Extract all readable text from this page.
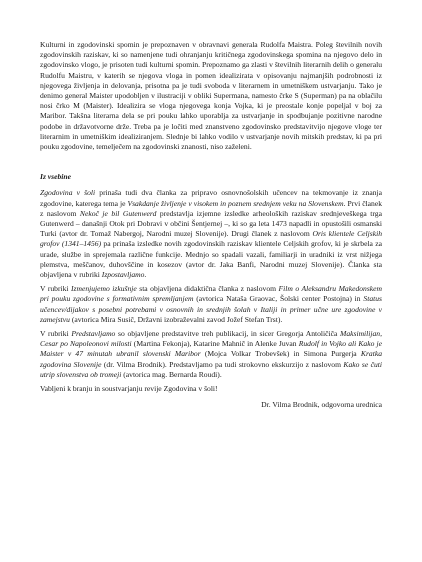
Kulturni in zgodovinski spomin je prepoznaven v obravnavi generala Rudolfa Maistra. Poleg številnih novih zgodovinskih raziskav, ki so namenjene tudi ohranjanju kritičnega zgodovinskega spomina na njegovo delo in zgodovinsko vlogo, je prisoten tudi kulturni spomin. Prepoznamo ga zlasti v številnih literarnih delih o generalu Rudolfu Maistru, v katerih se njegova vloga in pomen idealizirata v opisovanju najmanjših podrobnosti iz njegovega življenja in delovanja, prisotna pa je tudi svoboda v literarnem in umetniškem ustvarjanju. Tako je denimo general Maister upodobljen v ilustraciji v obliki Supermana, namesto črke S (Superman) pa na oblačilu nosi črko M (Maister). Idealizira se vloga njegovega konja Vojka, ki je preostale konje popeljal v boj za Maribor. Takšna literarna dela se pri pouku lahko uporablja za ustvarjanje in spodbujanje pozitivne narodne podobe in državotvorne drže. Treba pa je ločiti med znanstveno zgodovinsko predstavitvijo njegove vloge ter literarnim in umetniškim idealiziranjem. Slednje bi lahko vodilo v ustvarjanje novih mitskih predstav, ki pa pri pouku zgodovine, temelječem na zgodovinski znanosti, niso zaželeni.

Iz vsebine

Zgodovina v šoli prinaša tudi dva članka za pripravo osnovnošolskih učencev na tekmovanje iz znanja zgodovine, katerega tema je Vsakdanje življenje v visokem in poznem srednjem veku na Slovenskem. Prvi članek z naslovom Nekoč je bil Gutenwerd predstavlja izjemne izsledke arheoloških raziskav srednjeveškega trga Gutenwerd – današnji Otok pri Dobravi v občini Šentjernej –, ki so ga leta 1473 napadli in opustošili osmanski Turki (avtor dr. Tomaž Nabergoj, Narodni muzej Slovenije). Drugi članek z naslovom Oris klientele Celjskih grofov (1341–1456) pa prinaša izsledke novih zgodovinskih raziskav klientele Celjskih grofov, ki je skrbela za urade, službe in sprejemala različne funkcije. Mednjo so spadali vazali, familiarji in uradniki iz vrst nižjega plemstva, meščanov, duhovščine in kosezov (avtor dr. Jaka Banfi, Narodni muzej Slovenije). Članka sta objavljena v rubriki Izpostavljamo.

V rubriki Izmenjujemo izkušnje sta objavljena didaktična članka z naslovom Film o Aleksandru Makedonskem pri pouku zgodovine s formativnim spremljanjem (avtorica Nataša Graovac, Šolski center Postojna) in Status učencev/dijakov s posebni potrebami v osnovnih in srednjih šolah v Italiji in primer učne ure zgodovine v zamejstvu (avtorica Mira Susič, Državni izobraževalni zavod Jožef Stefan Trst).

V rubriki Predstavljamo so objavljene predstavitve treh publikacij, in sicer Gregorja Antoličiča Maksimilijan, Cesar po Napoleonovi milosti (Martina Fekonja), Katarine Mahnič in Alenke Juvan Rudolf in Vojko ali Kako je Maister v 47 minutah ubranil slovenski Maribor (Mojca Volkar Trobevšek) in Simona Purgerja Kratka zgodovina Slovenije (dr. Vilma Brodnik). Predstavljamo pa tudi strokovno ekskurzijo z naslovom Kako se čuti utrip slovenstva ob tromeji (avtorica mag. Bernarda Roudi).

Vabljeni k branju in soustvarjanju revije Zgodovina v šoli!

Dr. Vilma Brodnik, odgovorna urednica
